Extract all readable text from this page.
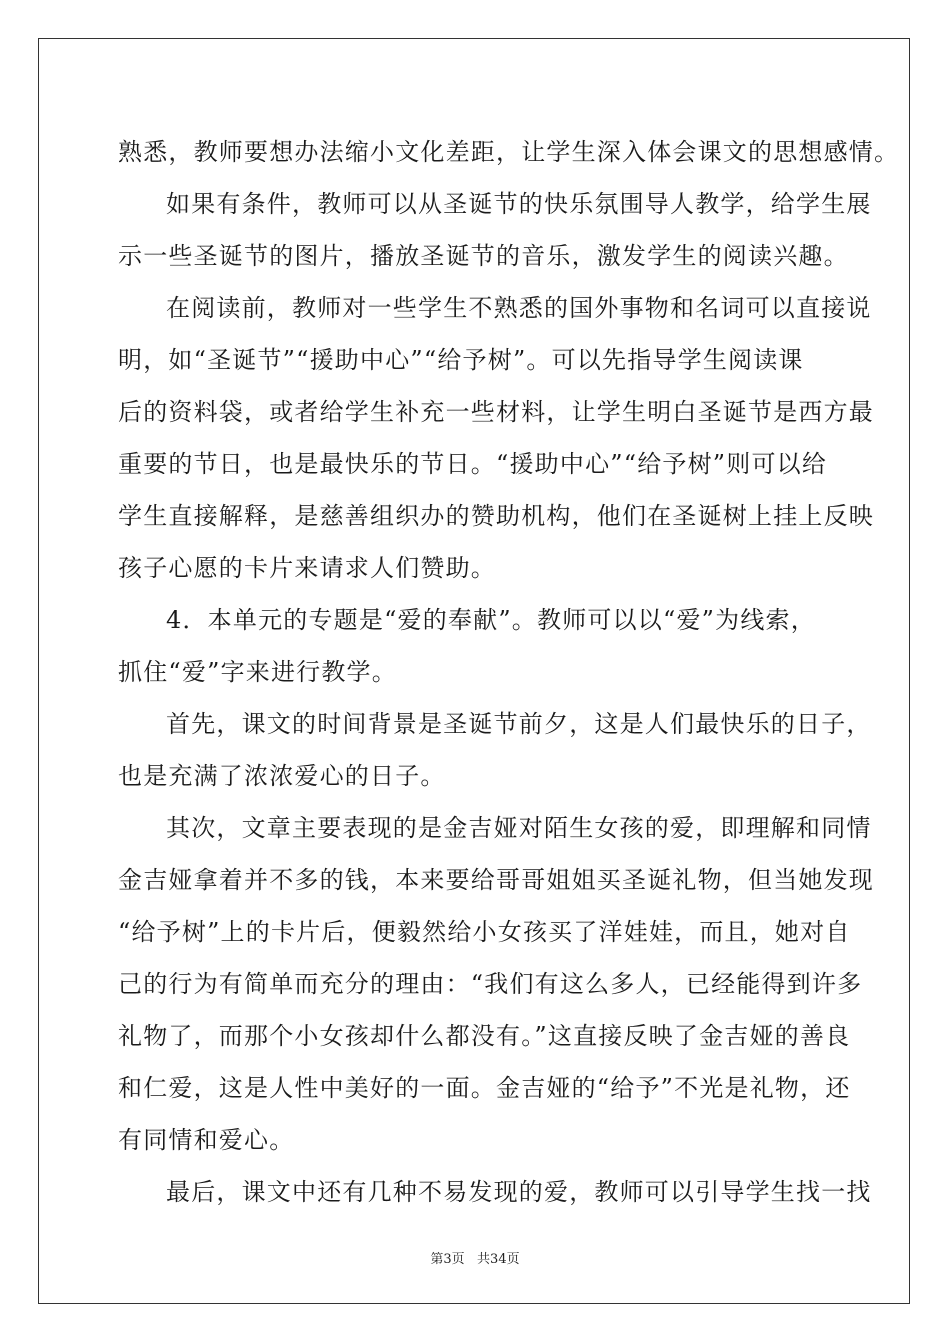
熟悉，教师要想办法缩小文化差距，让学生深入体会课文的思想感情。
如果有条件，教师可以从圣诞节的快乐氛围导人教学，给学生展
示一些圣诞节的图片，播放圣诞节的音乐，激发学生的阅读兴趣。
在阅读前，教师对一些学生不熟悉的国外事物和名词可以直接说
明，如“圣诞节”“援助中心”“给予树”。可以先指导学生阅读课
后的资料袋，或者给学生补充一些材料，让学生明白圣诞节是西方最
重要的节日，也是最快乐的节日。“援助中心”“给予树”则可以给
学生直接解释，是慈善组织办的赞助机构，他们在圣诞树上挂上反映
孩子心愿的卡片来请求人们赞助。
4．本单元的专题是“爱的奉献”。教师可以以“爱”为线索，
抓住“爱”字来进行教学。
首先，课文的时间背景是圣诞节前夕，这是人们最快乐的日子，
也是充满了浓浓爱心的日子。
其次，文章主要表现的是金吉娅对陌生女孩的爱，即理解和同情
金吉娅拿着并不多的钱，本来要给哥哥姐姐买圣诞礼物，但当她发现
“给予树”上的卡片后，便毅然给小女孩买了洋娃娃，而且，她对自
己的行为有简单而充分的理由：“我们有这么多人，已经能得到许多
礼物了，而那个小女孩却什么都没有。”这直接反映了金吉娅的善良
和仁爱，这是人性中美好的一面。金吉娅的“给予”不光是礼物，还
有同情和爱心。
最后，课文中还有几种不易发现的爱，教师可以引导学生找一找
第3页   共34页
